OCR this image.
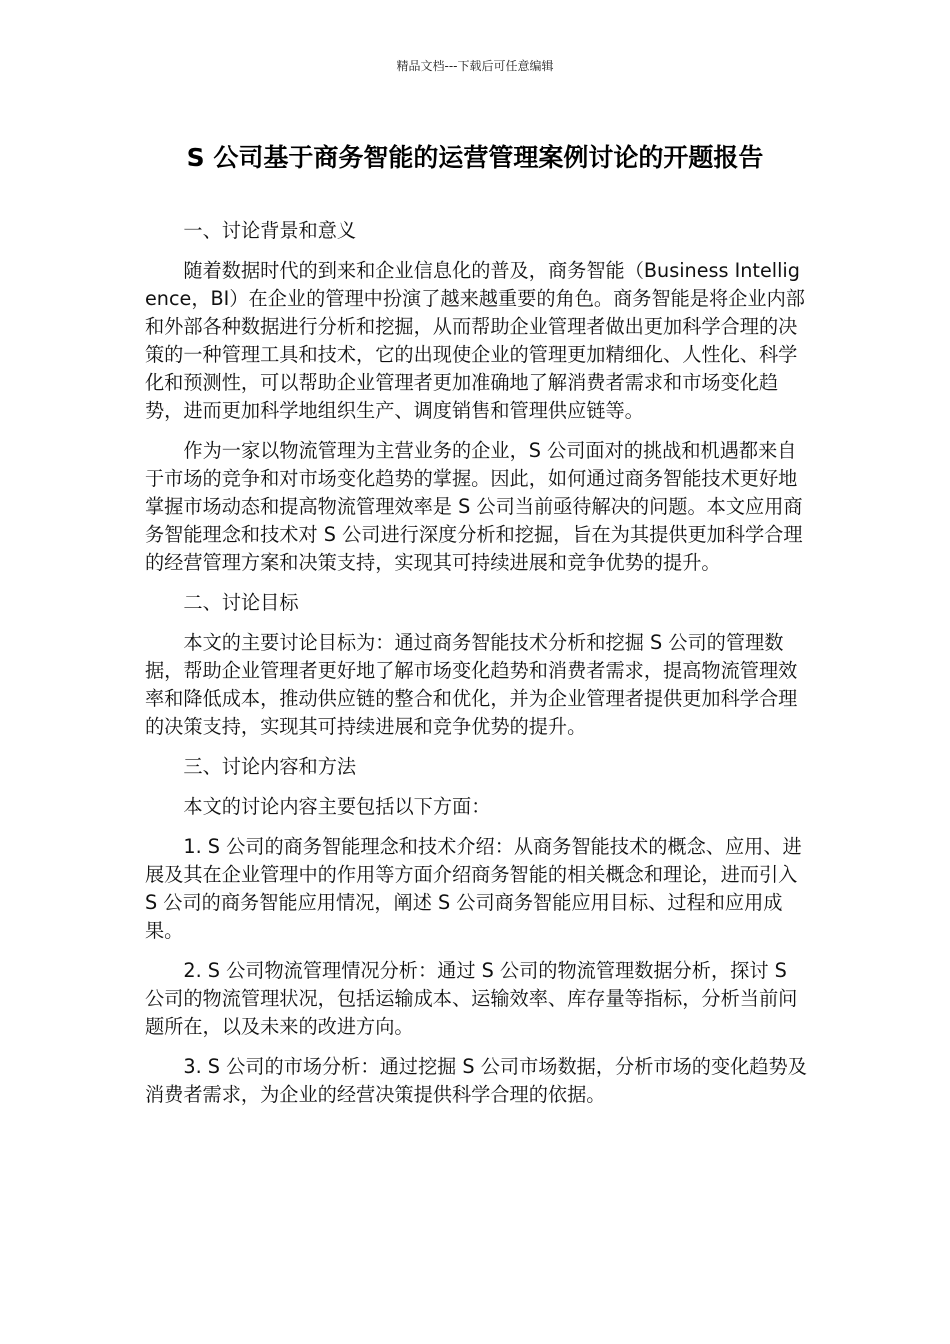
精品文档---下载后可任意编辑
S 公司基于商务智能的运营管理案例讨论的开题报告

一、讨论背景和意义

随着数据时代的到来和企业信息化的普及，商务智能（Business Intelligence，BI）在企业的管理中扮演了越来越重要的角色。商务智能是将企业内部和外部各种数据进行分析和挖掘，从而帮助企业管理者做出更加科学合理的决策的一种管理工具和技术，它的出现使企业的管理更加精细化、人性化、科学化和预测性，可以帮助企业管理者更加准确地了解消费者需求和市场变化趋势，进而更加科学地组织生产、调度销售和管理供应链等。

作为一家以物流管理为主营业务的企业，S 公司面对的挑战和机遇都来自于市场的竞争和对市场变化趋势的掌握。因此，如何通过商务智能技术更好地掌握市场动态和提高物流管理效率是 S 公司当前亟待解决的问题。本文应用商务智能理念和技术对 S 公司进行深度分析和挖掘，旨在为其提供更加科学合理的经营管理方案和决策支持，实现其可持续进展和竞争优势的提升。

二、讨论目标

本文的主要讨论目标为：通过商务智能技术分析和挖掘 S 公司的管理数据，帮助企业管理者更好地了解市场变化趋势和消费者需求，提高物流管理效率和降低成本，推动供应链的整合和优化，并为企业管理者提供更加科学合理的决策支持，实现其可持续进展和竞争优势的提升。

三、讨论内容和方法

本文的讨论内容主要包括以下方面：

1. S 公司的商务智能理念和技术介绍：从商务智能技术的概念、应用、进展及其在企业管理中的作用等方面介绍商务智能的相关概念和理论，进而引入 S 公司的商务智能应用情况，阐述 S 公司商务智能应用目标、过程和应用成果。

2. S 公司物流管理情况分析：通过 S 公司的物流管理数据分析，探讨 S 公司的物流管理状况，包括运输成本、运输效率、库存量等指标，分析当前问题所在，以及未来的改进方向。

3. S 公司的市场分析：通过挖掘 S 公司市场数据，分析市场的变化趋势及消费者需求，为企业的经营决策提供科学合理的依据。
